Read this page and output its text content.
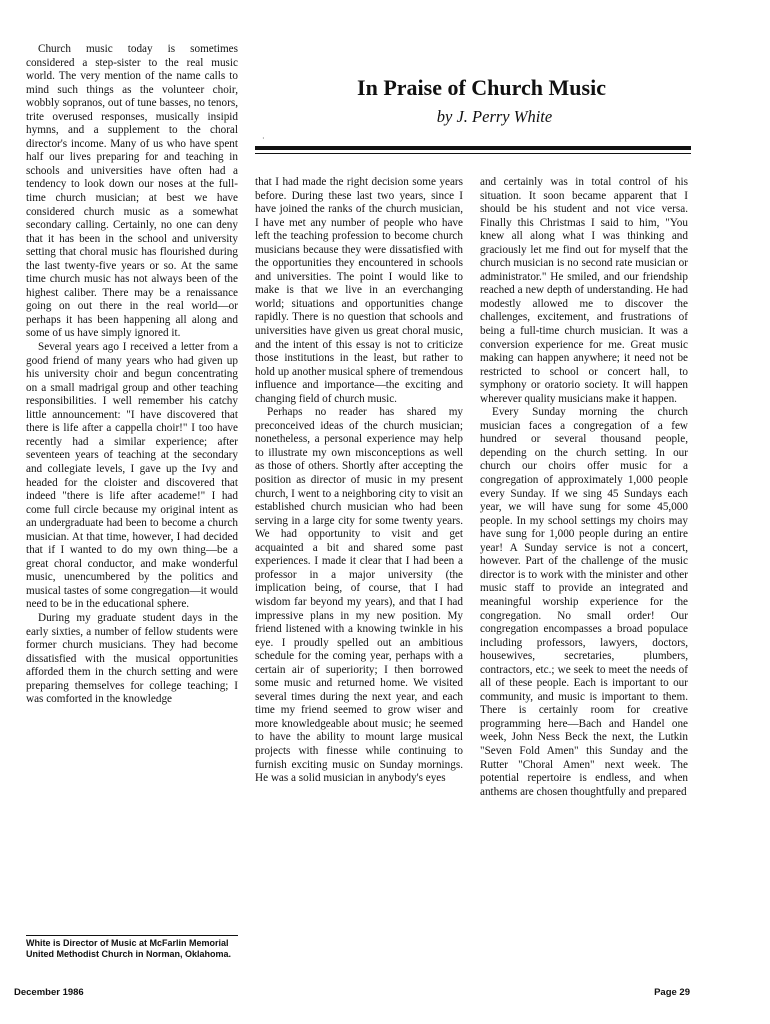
Church music today is sometimes considered a step-sister to the real music world. The very mention of the name calls to mind such things as the volunteer choir, wobbly sopranos, out of tune basses, no tenors, trite overused responses, musically insipid hymns, and a supplement to the choral director's income. Many of us who have spent half our lives preparing for and teaching in schools and universities have often had a tendency to look down our noses at the full-time church musician; at best we have considered church music as a somewhat secondary calling. Certainly, no one can deny that it has been in the school and university setting that choral music has flourished during the last twenty-five years or so. At the same time church music has not always been of the highest caliber. There may be a renaissance going on out there in the real world—or perhaps it has been happening all along and some of us have simply ignored it.

Several years ago I received a letter from a good friend of many years who had given up his university choir and begun concentrating on a small madrigal group and other teaching responsibilities. I well remember his catchy little announcement: "I have discovered that there is life after a cappella choir!" I too have recently had a similar experience; after seventeen years of teaching at the secondary and collegiate levels, I gave up the Ivy and headed for the cloister and discovered that indeed "there is life after academe!" I had come full circle because my original intent as an undergraduate had been to become a church musician. At that time, however, I had decided that if I wanted to do my own thing—be a great choral conductor, and make wonderful music, unencumbered by the politics and musical tastes of some congregation—it would need to be in the educational sphere.

During my graduate student days in the early sixties, a number of fellow students were former church musicians. They had become dissatisfied with the musical opportunities afforded them in the church setting and were preparing themselves for college teaching; I was comforted in the knowledge

In Praise of Church Music
by J. Perry White
·

that I had made the right decision some years before. During these last two years, since I have joined the ranks of the church musician, I have met any number of people who have left the teaching profession to become church musicians because they were dissatisfied with the opportunities they encountered in schools and universities. The point I would like to make is that we live in an everchanging world; situations and opportunities change rapidly. There is no question that schools and universities have given us great choral music, and the intent of this essay is not to criticize those institutions in the least, but rather to hold up another musical sphere of tremendous influence and importance—the exciting and changing field of church music.

Perhaps no reader has shared my preconceived ideas of the church musician; nonetheless, a personal experience may help to illustrate my own misconceptions as well as those of others. Shortly after accepting the position as director of music in my present church, I went to a neighboring city to visit an established church musician who had been serving in a large city for some twenty years. We had opportunity to visit and get acquainted a bit and shared some past experiences. I made it clear that I had been a professor in a major university (the implication being, of course, that I had wisdom far beyond my years), and that I had impressive plans in my new position. My friend listened with a knowing twinkle in his eye. I proudly spelled out an ambitious schedule for the coming year, perhaps with a certain air of superiority; I then borrowed some music and returned home. We visited several times during the next year, and each time my friend seemed to grow wiser and more knowledgeable about music; he seemed to have the ability to mount large musical projects with finesse while continuing to furnish exciting music on Sunday mornings. He was a solid musician in anybody's eyes

and certainly was in total control of his situation. It soon became apparent that I should be his student and not vice versa. Finally this Christmas I said to him, "You knew all along what I was thinking and graciously let me find out for myself that the church musician is no second rate musician or administrator." He smiled, and our friendship reached a new depth of understanding. He had modestly allowed me to discover the challenges, excitement, and frustrations of being a full-time church musician. It was a conversion experience for me. Great music making can happen anywhere; it need not be restricted to school or concert hall, to symphony or oratorio society. It will happen wherever quality musicians make it happen.

Every Sunday morning the church musician faces a congregation of a few hundred or several thousand people, depending on the church setting. In our church our choirs offer music for a congregation of approximately 1,000 people every Sunday. If we sing 45 Sundays each year, we will have sung for some 45,000 people. In my school settings my choirs may have sung for 1,000 people during an entire year! A Sunday service is not a concert, however. Part of the challenge of the music director is to work with the minister and other music staff to provide an integrated and meaningful worship experience for the congregation. No small order! Our congregation encompasses a broad populace including professors, lawyers, doctors, housewives, secretaries, plumbers, contractors, etc.; we seek to meet the needs of all of these people. Each is important to our community, and music is important to them. There is certainly room for creative programming here—Bach and Handel one week, John Ness Beck the next, the Lutkin "Seven Fold Amen" this Sunday and the Rutter "Choral Amen" next week. The potential repertoire is endless, and when anthems are chosen thoughtfully and prepared

White is Director of Music at McFarlin Memorial United Methodist Church in Norman, Oklahoma.
December 1986	Page 29
